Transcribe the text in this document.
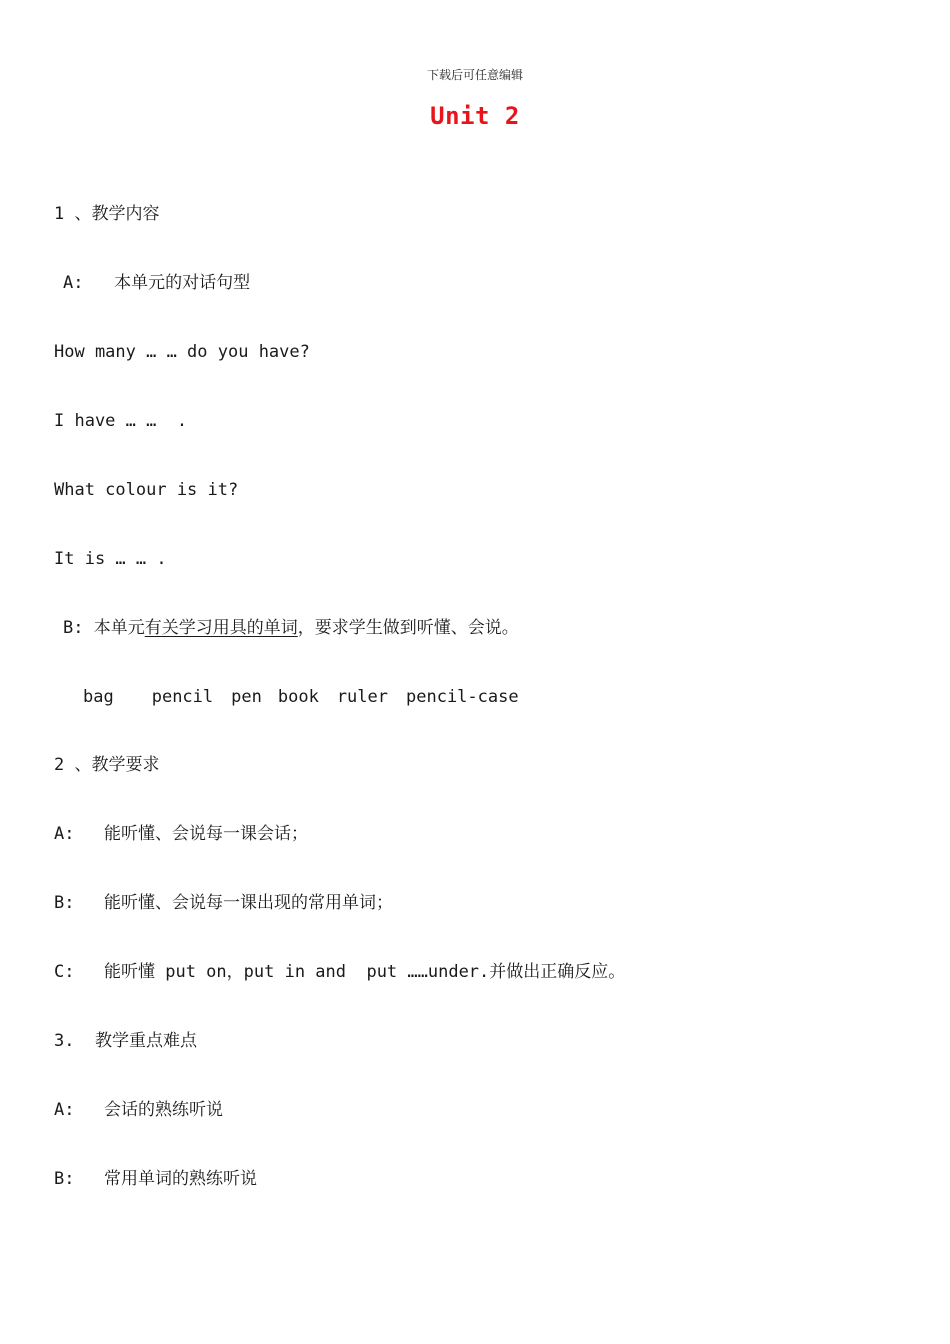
下载后可任意编辑
Unit 2
1 、教学内容
A:   本单元的对话句型
How many … … do you have?
I have … …  .
What colour is it?
It is … … .
B: 本单元有关学习用具的单词，要求学生做到听懂、会说。
bag pencil pen book ruler pencil-case
2 、教学要求
A: 能听懂、会说每一课会话；
B: 能听懂、会说每一课出现的常用单词；
C: 能听懂 put on，put in and  put ……under.并做出正确反应。
3.  教学重点难点
A: 会话的熟练听说
B: 常用单词的熟练听说
